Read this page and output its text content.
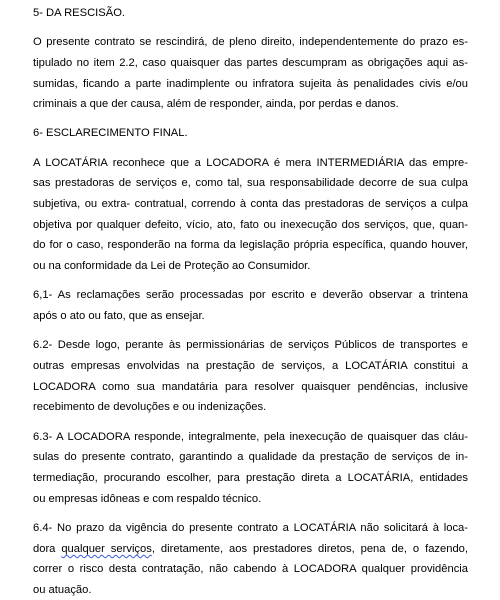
5- DA RESCISÃO.
O presente contrato se rescindirá, de pleno direito, independentemente do prazo es-
tipulado no item 2.2, caso quaisquer das partes descumpram as obrigações aqui as-
sumidas, ficando a parte inadimplente ou infratora sujeita às penalidades civis e/ou
criminais a que der causa, além de responder, ainda, por perdas e danos.
6- ESCLARECIMENTO FINAL.
A LOCATÁRIA reconhece que a LOCADORA é mera INTERMEDIÁRIA das empre-
sas prestadoras de serviços e, como tal, sua responsabilidade decorre de sua culpa
subjetiva, ou extra- contratual, correndo à conta das prestadoras de serviços a culpa
objetiva por qualquer defeito, vício, ato, fato ou inexecução dos serviços, que, quan-
do for o caso, responderão na forma da legislação própria específica, quando houver,
ou na conformidade da Lei de Proteção ao Consumidor.
6,1- As reclamações serão processadas por escrito e deverão observar a trintena
após o ato ou fato, que as ensejar.
6.2- Desde logo, perante às permissionárias de serviços Públicos de transportes e
outras empresas envolvidas na prestação de serviços, a LOCATÁRIA constitui a
LOCADORA como sua mandatária para resolver quaisquer pendências, inclusive
recebimento de devoluções e ou indenizações.
6.3- A LOCADORA responde, integralmente, pela inexecução de quaisquer das cláu-
sulas do presente contrato, garantindo a qualidade da prestação de serviços de in-
termediação, procurando escolher, para prestação direta a LOCATÁRIA, entidades
ou empresas idôneas e com respaldo técnico.
6.4- No prazo da vigência do presente contrato a LOCATÁRIA não solicitará à loca-
dora qualquer serviços, diretamente, aos prestadores diretos, pena de, o fazendo,
correr o risco desta contratação, não cabendo à LOCADORA qualquer providência
ou atuação.
